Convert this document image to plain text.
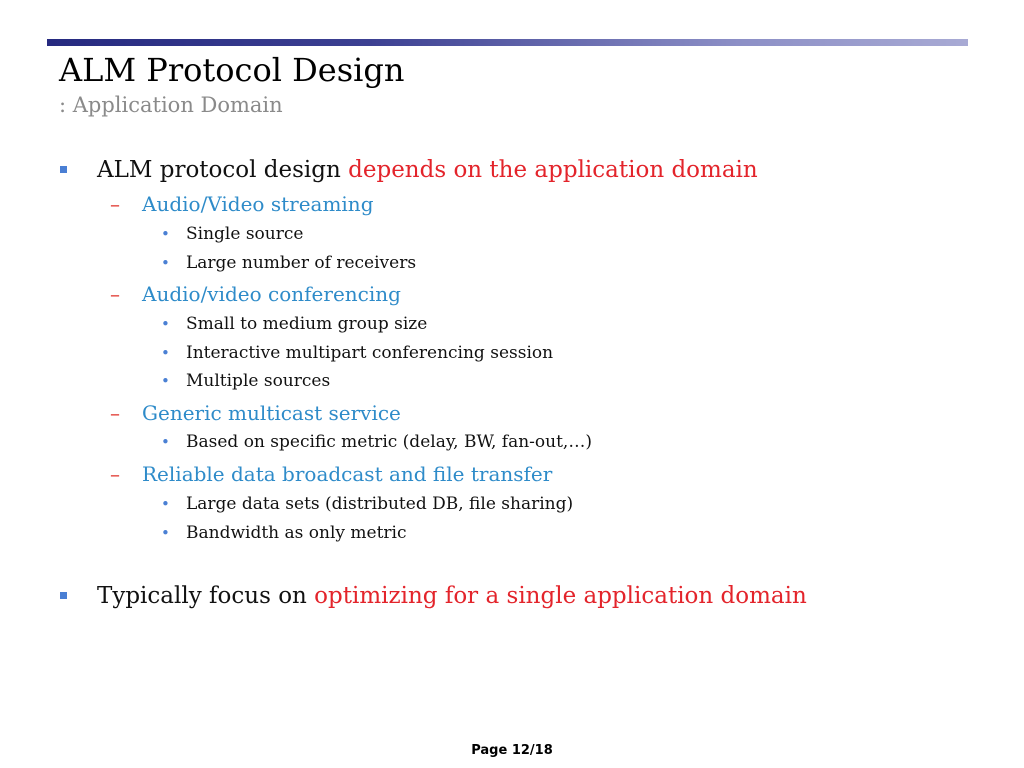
ALM Protocol Design
: Application Domain
ALM protocol design depends on the application domain
– Audio/Video streaming
• Single source
• Large number of receivers
– Audio/video conferencing
• Small to medium group size
• Interactive multipart conferencing session
• Multiple sources
– Generic multicast service
• Based on specific metric (delay, BW, fan-out,…)
– Reliable data broadcast and file transfer
• Large data sets (distributed DB, file sharing)
• Bandwidth as only metric
Typically focus on optimizing for a single application domain
Page 12/18
